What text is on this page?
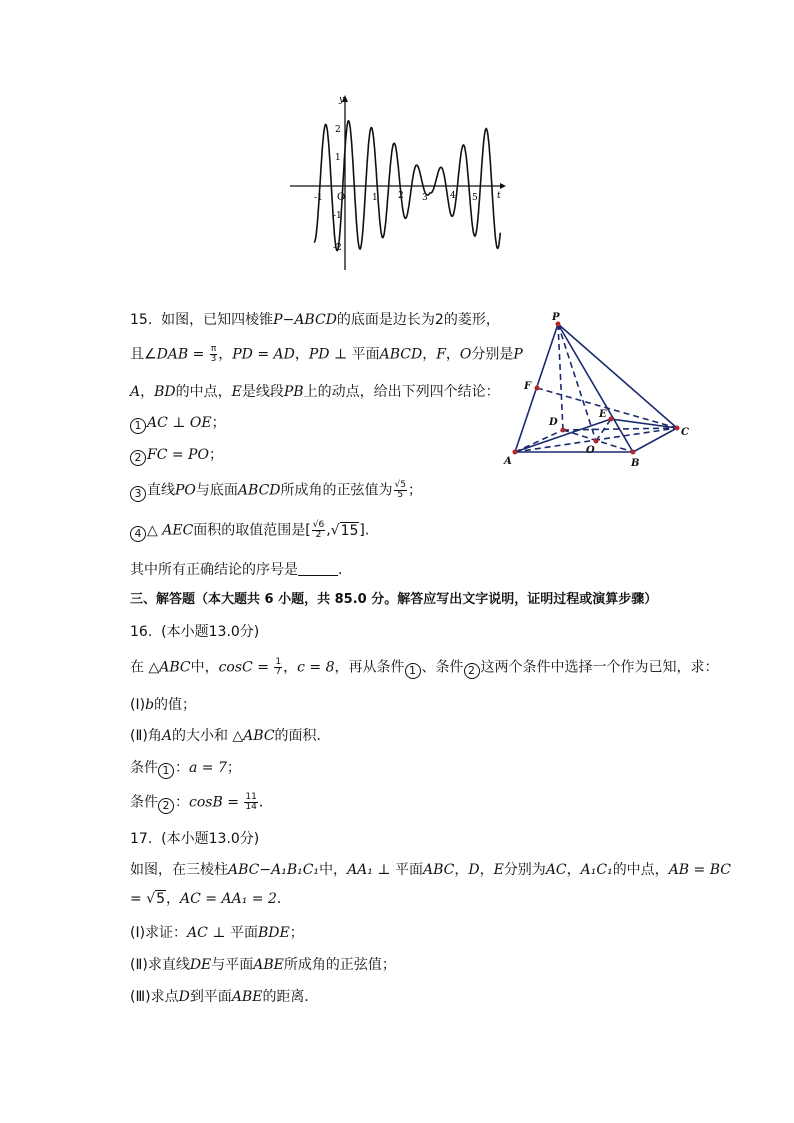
y
t
2
1
-1
-2
-1 O	1 2 3 4 5
15. 如图，已知四棱锥P−ABCD的底面是边长为2的菱形，
且∠DAB = $\frac{\pi}{3}$ ，PD = AD，PD ⊥ 平面ABCD，F，O分别是P
A，BD的中点，E是线段PB上的动点，给出下列四个结论：
1 AC ⊥ OE；
2 FC = PO；
3 直线PO与底面ABCD所成角的正弦值为 $\frac{√5}{5}$ ；
4 △ AEC面积的取值范围是[ $\frac{√6}{2} ,√15$].
其中所有正确结论的序号是	．
P
F
D
E
C
A
O
B
三、解答题（本大题共 6 小题，共 85.0 分。解答应写出文字说明，证明过程或演算步骤）
16. (本小题13.0分)
在 △ABC中，$\cos C = \frac{1}{7}$ ，c = 8，再从条件 1 、条件 2 这两个条件中选择一个作为已知，求：
(Ⅰ)b的值；
(Ⅱ)角A的大小和 △ABC的面积．
条件 1 ：a = 7；
条件 2 ：$\cos B = \frac{11}{14}$ ．
17. (本小题13.0分)
如图，在三棱柱ABC−A₁B₁C₁中，AA₁ ⊥ 平面ABC，D，E分别为AC，A₁C₁的中点，AB = BC
= √5，AC = AA₁ = 2．
(Ⅰ)求证：AC ⊥ 平面BDE；
(Ⅱ)求直线DE与平面ABE所成角的正弦值；
(Ⅲ)求点D到平面ABE的距离．
